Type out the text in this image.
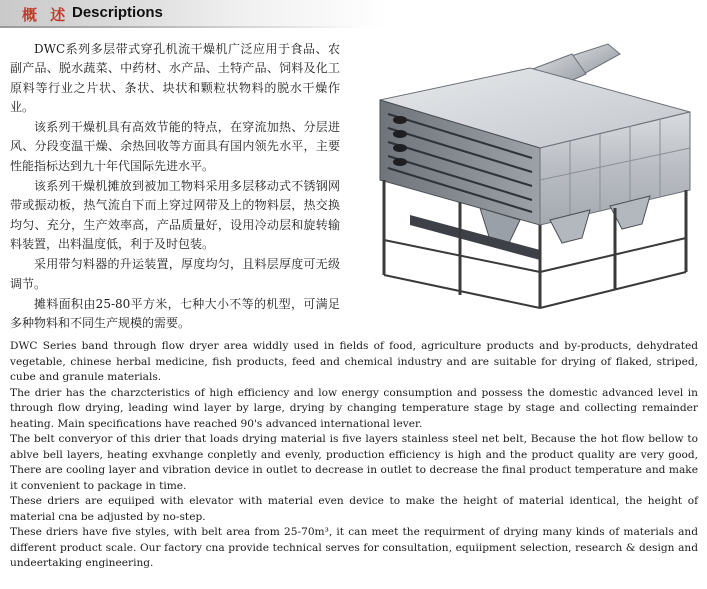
概 述 Descriptions

DWC系列多层带式穿孔机流干燥机广泛应用于食品、农副产品、脱水蔬菜、中药材、水产品、土特产品、饲料及化工原料等行业之片状、条状、块状和颗粒状物料的脱水干燥作业。

该系列干燥机具有高效节能的特点，在穿流加热、分层进风、分段变温干燥、余热回收等方面具有国内领先水平，主要性能指标达到九十年代国际先进水平。

该系列干燥机摊放到被加工物料采用多层移动式不锈钢网带或振动板，热气流自下而上穿过网带及上的物料层，热交换均匀、充分，生产效率高，产品质量好，设用冷动层和旋转输料装置，出料温度低，利于及时包装。

采用带匀料器的升运装置，厚度均匀，且料层厚度可无级调节。

摊料面积由25-80平方米，七种大小不等的机型，可满足多种物料和不同生产规模的需要。

DWC Series band through flow dryer area widdly used in fields of food, agriculture products and by-products, dehydrated vegetable, chinese herbal medicine, fish products, feed and chemical industry and are suitable for drying of flaked, striped, cube and granule materials.

The drier has the charzcteristics of high efficiency and low energy consumption and possess the domestic advanced level in through flow drying, leading wind layer by large, drying by changing temperature stage by stage and collecting remainder heating. Main specifications have reached 90's advanced international lever.

The belt converyor of this drier that loads drying material is five layers stainless steel net belt, Because the hot flow bellow to ablve bell layers, heating exvhange conpletly and evenly, production efficiency is high and the product quality are very good, There are cooling layer and vibration device in outlet to decrease in outlet to decrease the final product temperature and make it convenient to package in time.

These driers are equiiped with elevator with material even device to make the height of material identical, the height of material cna be adjusted by no-step.

These driers have five styles, with belt area from 25-70m³, it can meet the requirment of drying many kinds of materials and different product scale. Our factory cna provide technical serves for consultation, equiipment selection, research & design and undeertaking engineering.
